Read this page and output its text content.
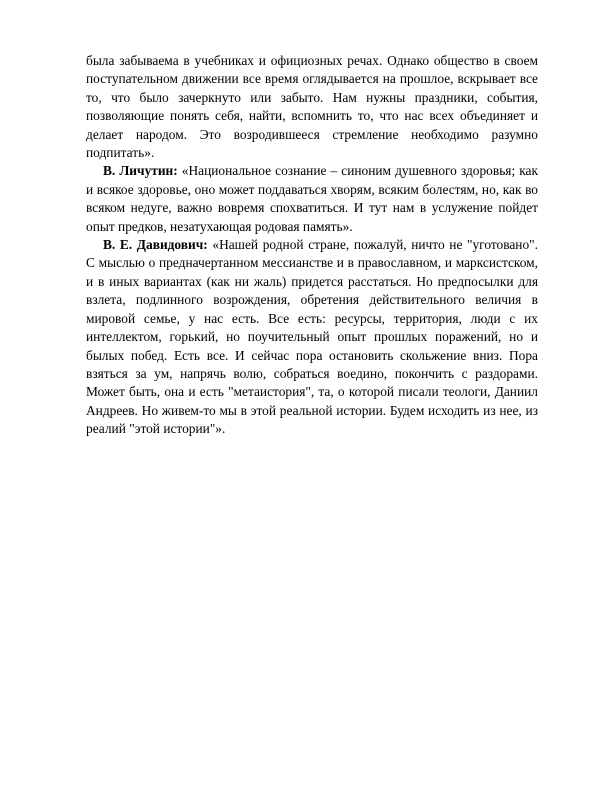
была забываема в учебниках и официозных речах. Однако общество в своем поступательном движении все время оглядывается на прошлое, вскрывает все то, что было зачеркнуто или забыто. Нам нужны праздники, события, позволяющие понять себя, найти, вспомнить то, что нас всех объединяет и делает народом. Это возродившееся стремление необходимо разумно подпитать».

В. Личутин: «Национальное сознание – синоним душевного здоровья; как и всякое здоровье, оно может поддаваться хворям, всяким болестям, но, как во всяком недуге, важно вовремя спохватиться. И тут нам в услужение пойдет опыт предков, незатухающая родовая память».

В. Е. Давидович: «Нашей родной стране, пожалуй, ничто не "уготовано". С мыслью о предначертанном мессианстве и в православном, и марксистском, и в иных вариантах (как ни жаль) придется расстаться. Но предпосылки для взлета, подлинного возрождения, обретения действительного величия в мировой семье, у нас есть. Все есть: ресурсы, территория, люди с их интеллектом, горький, но поучительный опыт прошлых поражений, но и былых побед. Есть все. И сейчас пора остановить скольжение вниз. Пора взяться за ум, напрячь волю, собраться воедино, покончить с раздорами. Может быть, она и есть "метаистория", та, о которой писали теологи, Даниил Андреев. Но живем-то мы в этой реальной истории. Будем исходить из нее, из реалий "этой истории"».
